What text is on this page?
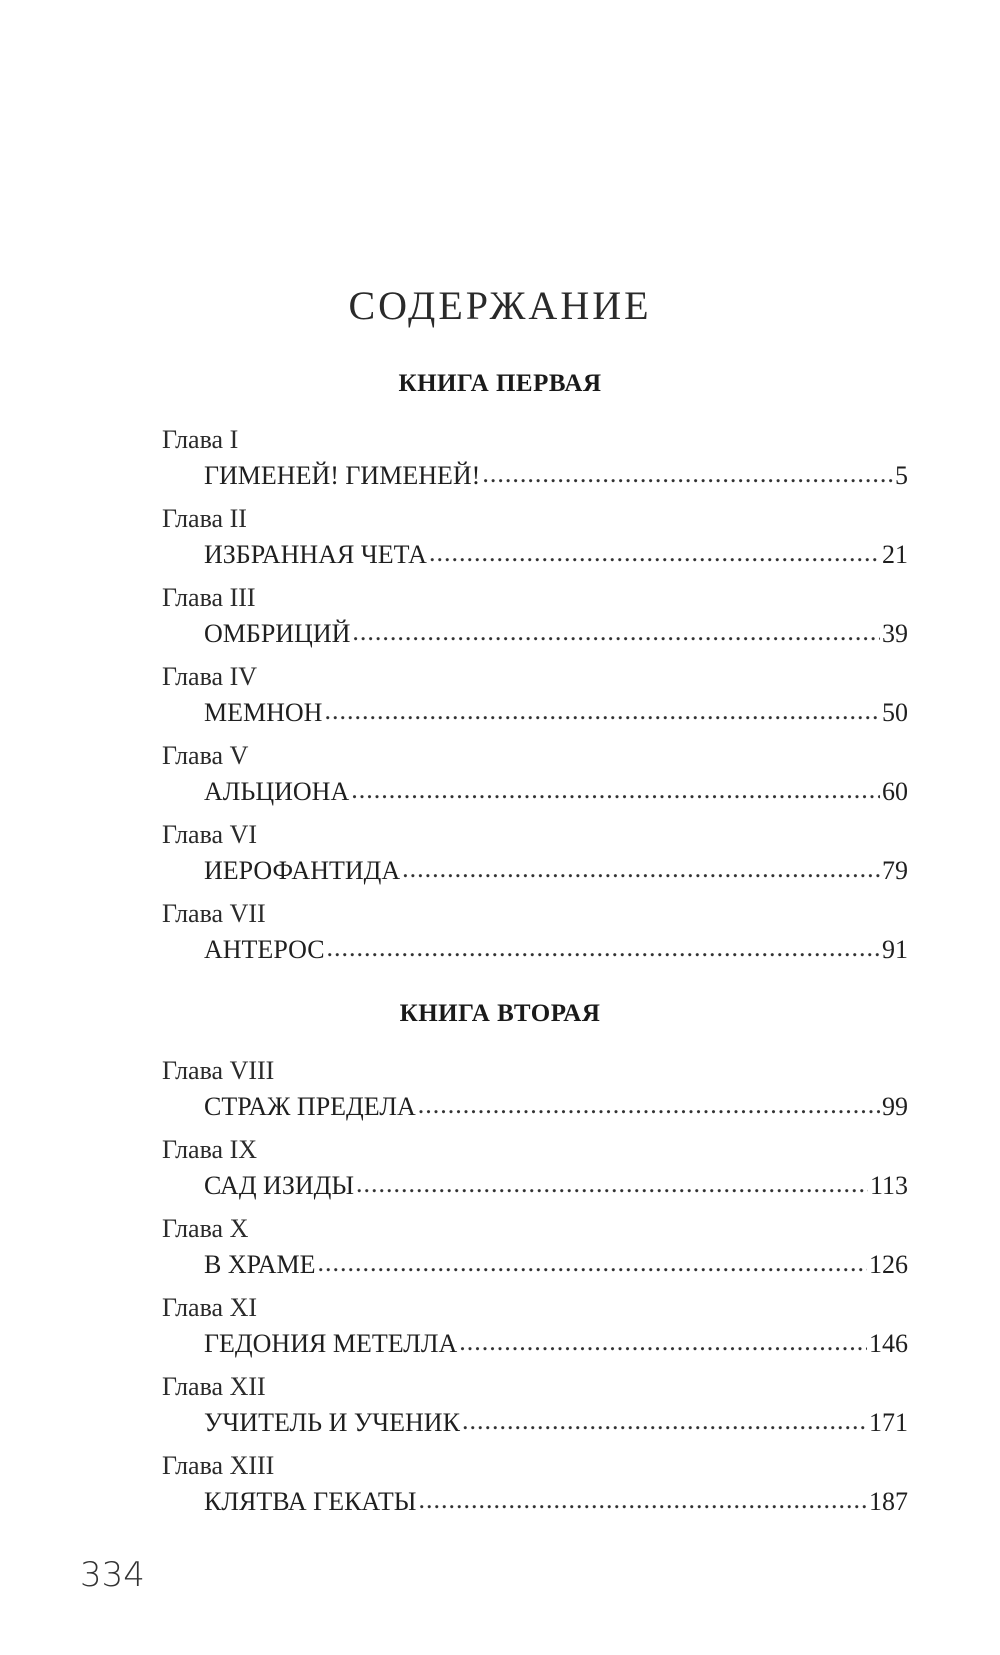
СОДЕРЖАНИЕ
КНИГА ПЕРВАЯ
Глава I
ГИМЕНЕЙ! ГИМЕНЕЙ! .....	5
Глава II
ИЗБРАННАЯ ЧЕТА .....	21
Глава III
ОМБРИЦИЙ .....	39
Глава IV
МЕМНОН .....	50
Глава V
АЛЬЦИОНА .....	60
Глава VI
ИЕРОФАНТИДА .....	79
Глава VII
АНТЕРОС .....	91
КНИГА ВТОРАЯ
Глава VIII
СТРАЖ ПРЕДЕЛА .....	99
Глава IX
САД ИЗИДЫ .....	113
Глава X
В ХРАМЕ .....	126
Глава XI
ГЕДОНИЯ МЕТЕЛЛА .....	146
Глава XII
УЧИТЕЛЬ И УЧЕНИК .....	171
Глава XIII
КЛЯТВА ГЕКАТЫ .....	187
334
